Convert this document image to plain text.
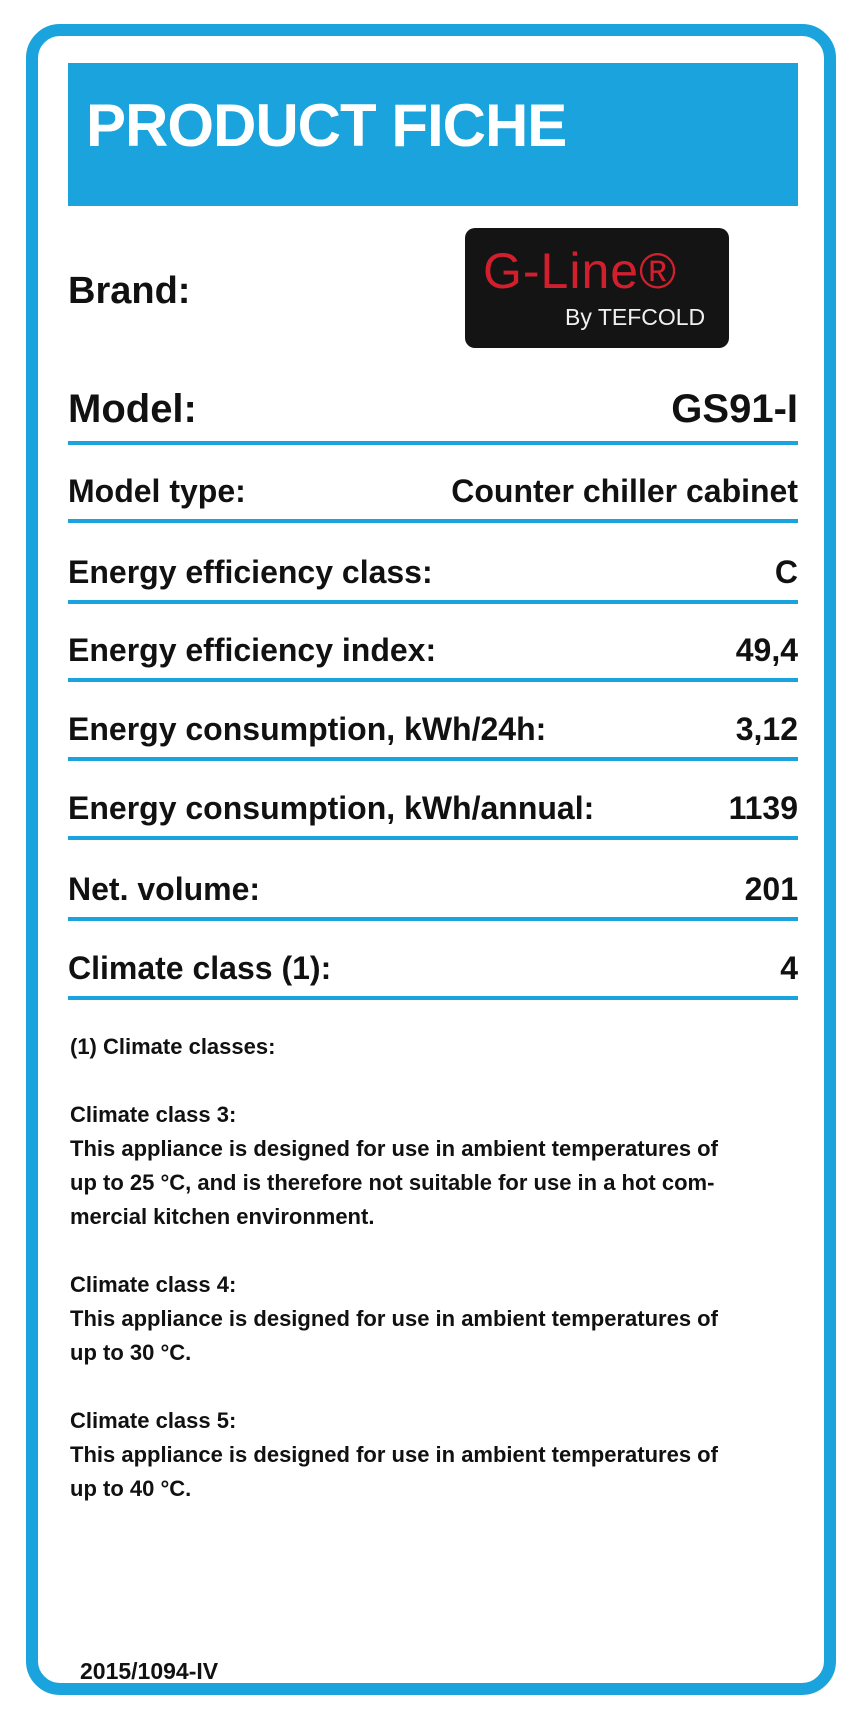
PRODUCT FICHE
Brand:	G-Line®
By TEFCOLD
Model:	GS91-I
Model type:	Counter chiller cabinet
Energy efficiency class:	C
Energy efficiency index:	49,4
Energy consumption, kWh/24h:	3,12
Energy consumption, kWh/annual:	1139
Net. volume:	201
Climate class (1):	4

(1) Climate classes:

Climate class 3:

This appliance is designed for use in ambient temperatures of

up to 25 °C, and is therefore not suitable for use in a hot com-

mercial kitchen environment.

Climate class 4:

This appliance is designed for use in ambient temperatures of

up to 30 °C.

Climate class 5:

This appliance is designed for use in ambient temperatures of

up to 40 °C.

2015/1094-IV
